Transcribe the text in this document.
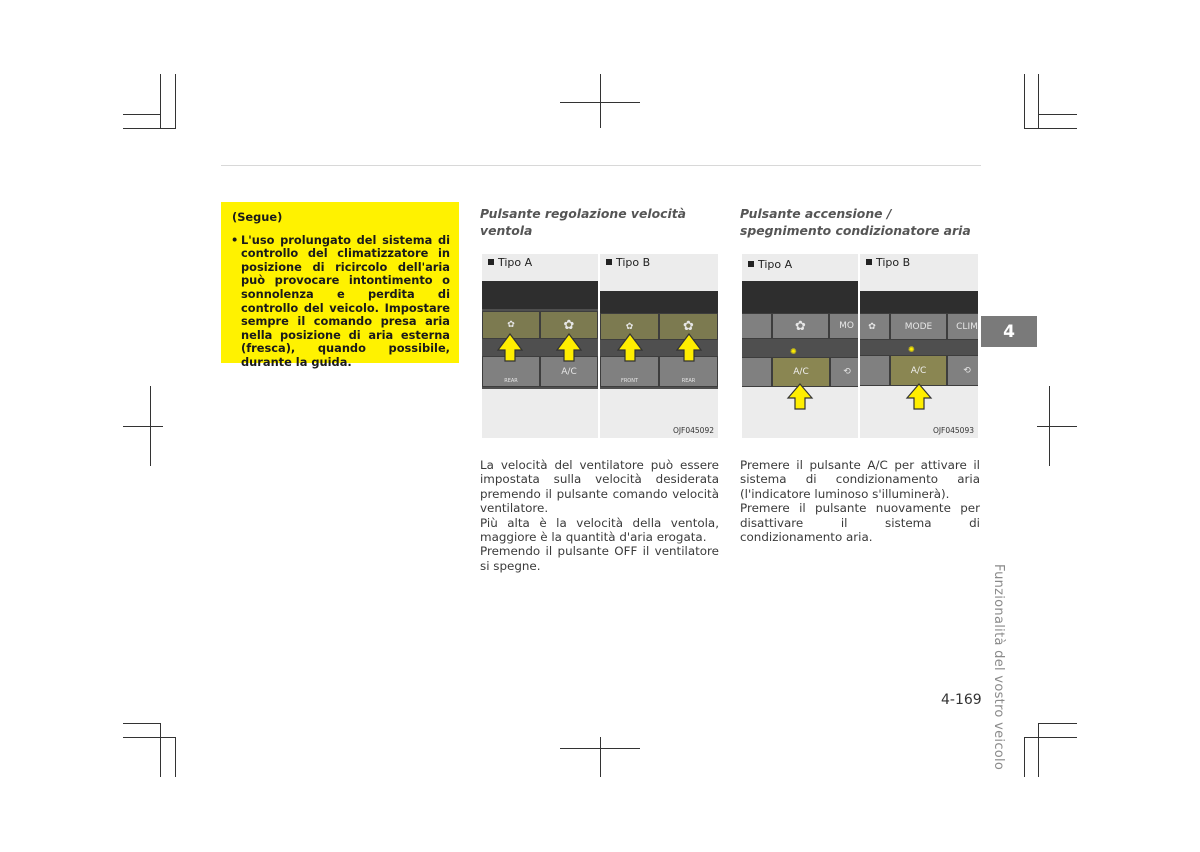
(Segue)
• L'uso prolungato del sistema di controllo del climatizzatore in posizione di ricircolo dell'aria può provocare intontimento o sonnolenza e perdita di controllo del veicolo. Impostare sempre il comando presa aria nella posizione di aria esterna (fresca), quando possibile, durante la guida.
Pulsante regolazione velocità ventola
Tipo A	Tipo B
✿	✿
REAR
A/C
✿	✿
FRONT	REAR
OJF045092

La velocità del ventilatore può essere impostata sulla velocità desiderata premendo il pulsante comando velocità ventilatore.

Più alta è la velocità della ventola, maggiore è la quantità d'aria erogata.

Premendo il pulsante OFF il ventilatore si spegne.

Pulsante accensione / spegnimento condizionatore aria
Tipo A	Tipo B
✿	MO
✺
A/C	⟲
✿	MODE	CLIM
✺
A/C	⟲
OJF045093

Premere il pulsante A/C per attivare il sistema di condizionamento aria (l'indicatore luminoso s'illuminerà).

Premere il pulsante nuovamente per disattivare il sistema di condizionamento aria.

4
Funzionalità del vostro veicolo
4-169
